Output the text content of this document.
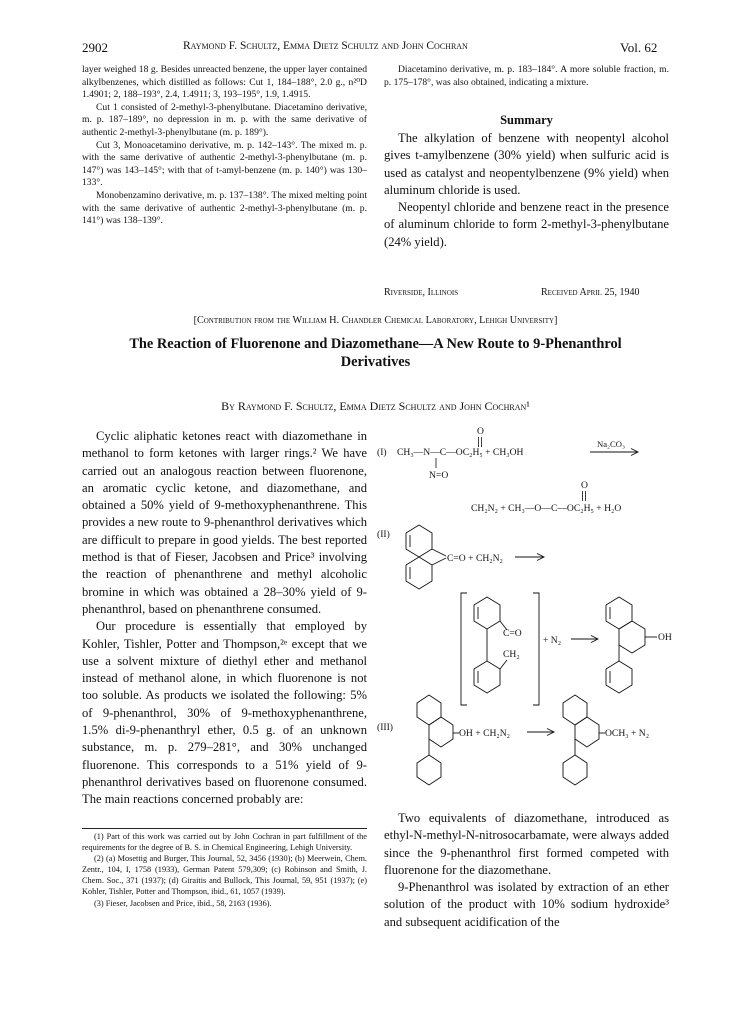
2902	Raymond F. Schultz, Emma Dietz Schultz and John Cochran	Vol. 62

layer weighed 18 g. Besides unreacted benzene, the upper layer contained alkylbenzenes, which distilled as follows: Cut 1, 184–188°, 2.0 g., n²⁰D 1.4901; 2, 188–193°, 2.4, 1.4911; 3, 193–195°, 1.9, 1.4915.

Cut 1 consisted of 2-methyl-3-phenylbutane. Diacetamino derivative, m. p. 187–189°, no depression in m. p. with the same derivative of authentic 2-methyl-3-phenylbutane (m. p. 189°).

Cut 3, Monoacetamino derivative, m. p. 142–143°. The mixed m. p. with the same derivative of authentic 2-methyl-3-phenylbutane (m. p. 147°) was 143–145°; with that of t-amyl-benzene (m. p. 140°) was 130–133°.

Monobenzamino derivative, m. p. 137–138°. The mixed melting point with the same derivative of authentic 2-methyl-3-phenylbutane (m. p. 141°) was 138–139°.

Diacetamino derivative, m. p. 183–184°. A more soluble fraction, m. p. 175–178°, was also obtained, indicating a mixture.

Summary

The alkylation of benzene with neopentyl alcohol gives t-amylbenzene (30% yield) when sulfuric acid is used as catalyst and neopentylbenzene (9% yield) when aluminum chloride is used.

Neopentyl chloride and benzene react in the presence of aluminum chloride to form 2-methyl-3-phenylbutane (24% yield).

Riverside, Illinois	Received April 25, 1940
[Contribution from the William H. Chandler Chemical Laboratory, Lehigh University]
The Reaction of Fluorenone and Diazomethane—A New Route to 9-Phenanthrol
Derivatives
By Raymond F. Schultz, Emma Dietz Schultz and John Cochran¹

Cyclic aliphatic ketones react with diazomethane in methanol to form ketones with larger rings.² We have carried out an analogous reaction between fluorenone, an aromatic cyclic ketone, and diazomethane, and obtained a 50% yield of 9-methoxyphenanthrene. This provides a new route to 9-phenanthrol derivatives which are difficult to prepare in good yields. The best reported method is that of Fieser, Jacobsen and Price³ involving the reaction of phenanthrene and methyl alcoholic bromine in which was obtained a 28–30% yield of 9-phenanthrol, based on phenanthrene consumed.

Our procedure is essentially that employed by Kohler, Tishler, Potter and Thompson,²ᵉ except that we use a solvent mixture of diethyl ether and methanol instead of methanol alone, in which fluorenone is not too soluble. As products we isolated the following: 5% of 9-phenanthrol, 30% of 9-methoxyphenanthrene, 1.5% di-9-phenanthryl ether, 0.5 g. of an unknown substance, m. p. 279–281°, and 30% unchanged fluorenone. This corresponds to a 51% yield of 9-phenanthrol derivatives based on fluorenone consumed. The main reactions concerned probably are:

(1) Part of this work was carried out by John Cochran in part fulfillment of the requirements for the degree of B. S. in Chemical Engineering, Lehigh University.

(2) (a) Mosettig and Burger, This Journal, 52, 3456 (1930); (b) Meerwein, Chem. Zentr., 104, I, 1758 (1933), German Patent 579,309; (c) Robinson and Smith, J. Chem. Soc., 371 (1937); (d) Giraitis and Bullock, This Journal, 59, 951 (1937); (e) Kohler, Tishler, Potter and Thompson, ibid., 61, 1057 (1939).

(3) Fieser, Jacobsen and Price, ibid., 58, 2163 (1936).

(I)
O
CH₃—N—C—OC₂H₅ + CH₃OH
N=O
Na₂CO₃
O
CH₂N₂ + CH₃—O—C—OC₂H₅ + H₂O
(II)
C=O + CH₂N₂
C=O
CH₂
+ N₂	OH
(III)
OH + CH₂N₂	OCH₃ + N₂

Two equivalents of diazomethane, introduced as ethyl-N-methyl-N-nitrosocarbamate, were always added since the 9-phenanthrol first formed competed with fluorenone for the diazomethane.

9-Phenanthrol was isolated by extraction of an ether solution of the product with 10% sodium hydroxide³ and subsequent acidification of the
